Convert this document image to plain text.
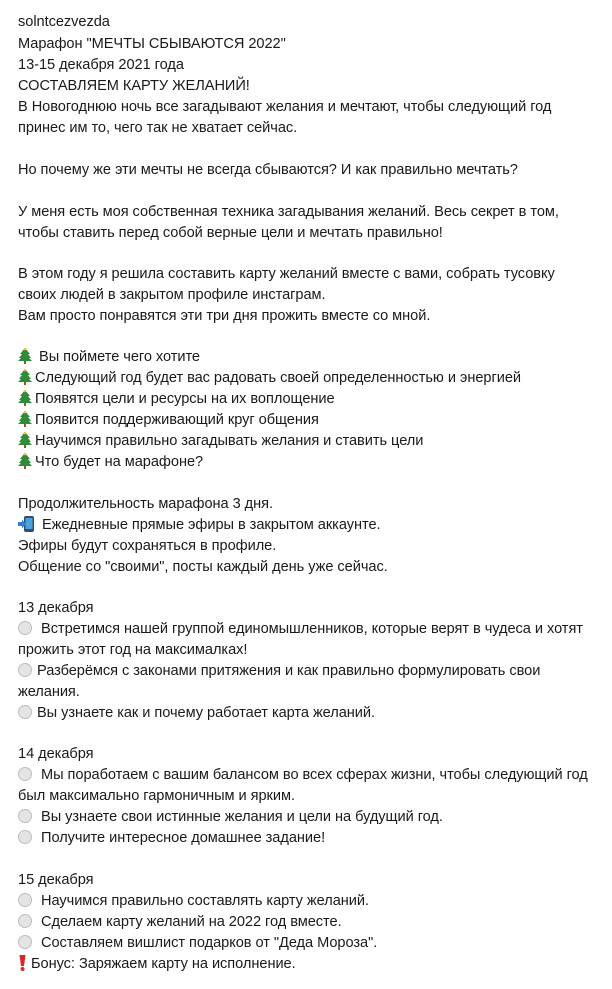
solntcezvezda
Марафон "МЕЧТЫ СБЫВАЮТСЯ 2022"
13-15 декабря 2021 года
СОСТАВЛЯЕМ КАРТУ ЖЕЛАНИЙ!
В Новогоднюю ночь все загадывают желания и мечтают, чтобы следующий год
принес им то, чего так не хватает сейчас.
Но почему же эти мечты не всегда сбываются? И как правильно мечтать?
У меня есть моя собственная техника загадывания желаний. Весь секрет в том,
чтобы ставить перед собой верные цели и мечтать правильно!
В этом году я решила составить карту желаний вместе с вами, собрать тусовку
своих людей в закрытом профиле инстаграм.
Вам просто понравятся эти три дня прожить вместе со мной.
Вы поймете чего хотите
Следующий год будет вас радовать своей определенностью и энергией
Появятся цели и ресурсы на их воплощение
Появится поддерживающий круг общения
Научимся правильно загадывать желания и ставить цели
Что будет на марафоне?
Продолжительность марафона 3 дня.
Ежедневные прямые эфиры в закрытом аккаунте.
Эфиры будут сохраняться в профиле.
Общение со "своими", посты каждый день уже сейчас.
13 декабря
Встретимся нашей группой единомышленников, которые верят в чудеса и хотят
прожить этот год на максималках!
Разберёмся с законами притяжения и как правильно формулировать свои
желания.
Вы узнаете как и почему работает карта желаний.
14 декабря
Мы поработаем с вашим балансом во всех сферах жизни, чтобы следующий год
был максимально гармоничным и ярким.
Вы узнаете свои истинные желания и цели на будущий год.
Получите интересное домашнее задание!
15 декабря
Научимся правильно составлять карту желаний.
Сделаем карту желаний на 2022 год вместе.
Составляем вишлист подарков от "Деда Мороза".
Бонус: Заряжаем карту на исполнение.
